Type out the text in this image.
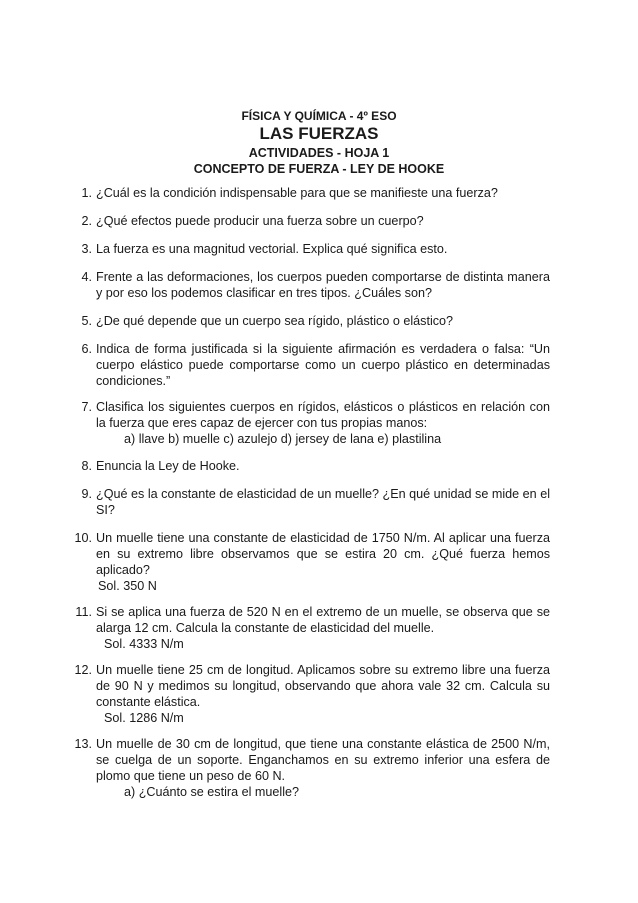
FÍSICA Y QUÍMICA - 4º ESO
LAS FUERZAS
ACTIVIDADES - HOJA 1
CONCEPTO DE FUERZA - LEY DE HOOKE
1. ¿Cuál es la condición indispensable para que se manifieste una fuerza?
2. ¿Qué efectos puede producir una fuerza sobre un cuerpo?
3. La fuerza es una magnitud vectorial. Explica qué significa esto.
4. Frente a las deformaciones, los cuerpos pueden comportarse de distinta manera y por eso los podemos clasificar en tres tipos. ¿Cuáles son?
5. ¿De qué depende que un cuerpo sea rígido, plástico o elástico?
6. Indica de forma justificada si la siguiente afirmación es verdadera o falsa: “Un cuerpo elástico puede comportarse como un cuerpo plástico en determinadas condiciones.”
7. Clasifica los siguientes cuerpos en rígidos, elásticos o plásticos en relación con la fuerza que eres capaz de ejercer con tus propias manos:
a) llave b) muelle c) azulejo d) jersey de lana e) plastilina
8. Enuncia la Ley de Hooke.
9. ¿Qué es la constante de elasticidad de un muelle? ¿En qué unidad se mide en el SI?
10. Un muelle tiene una constante de elasticidad de 1750 N/m. Al aplicar una fuerza en su extremo libre observamos que se estira 20 cm. ¿Qué fuerza hemos aplicado?
Sol. 350 N
11. Si se aplica una fuerza de 520 N en el extremo de un muelle, se observa que se alarga 12 cm. Calcula la constante de elasticidad del muelle.
Sol. 4333 N/m
12. Un muelle tiene 25 cm de longitud. Aplicamos sobre su extremo libre una fuerza de 90 N y medimos su longitud, observando que ahora vale 32 cm. Calcula su constante elástica.
Sol. 1286 N/m
13. Un muelle de 30 cm de longitud, que tiene una constante elástica de 2500 N/m, se cuelga de un soporte. Enganchamos en su extremo inferior una esfera de plomo que tiene un peso de 60 N.
a) ¿Cuánto se estira el muelle?
